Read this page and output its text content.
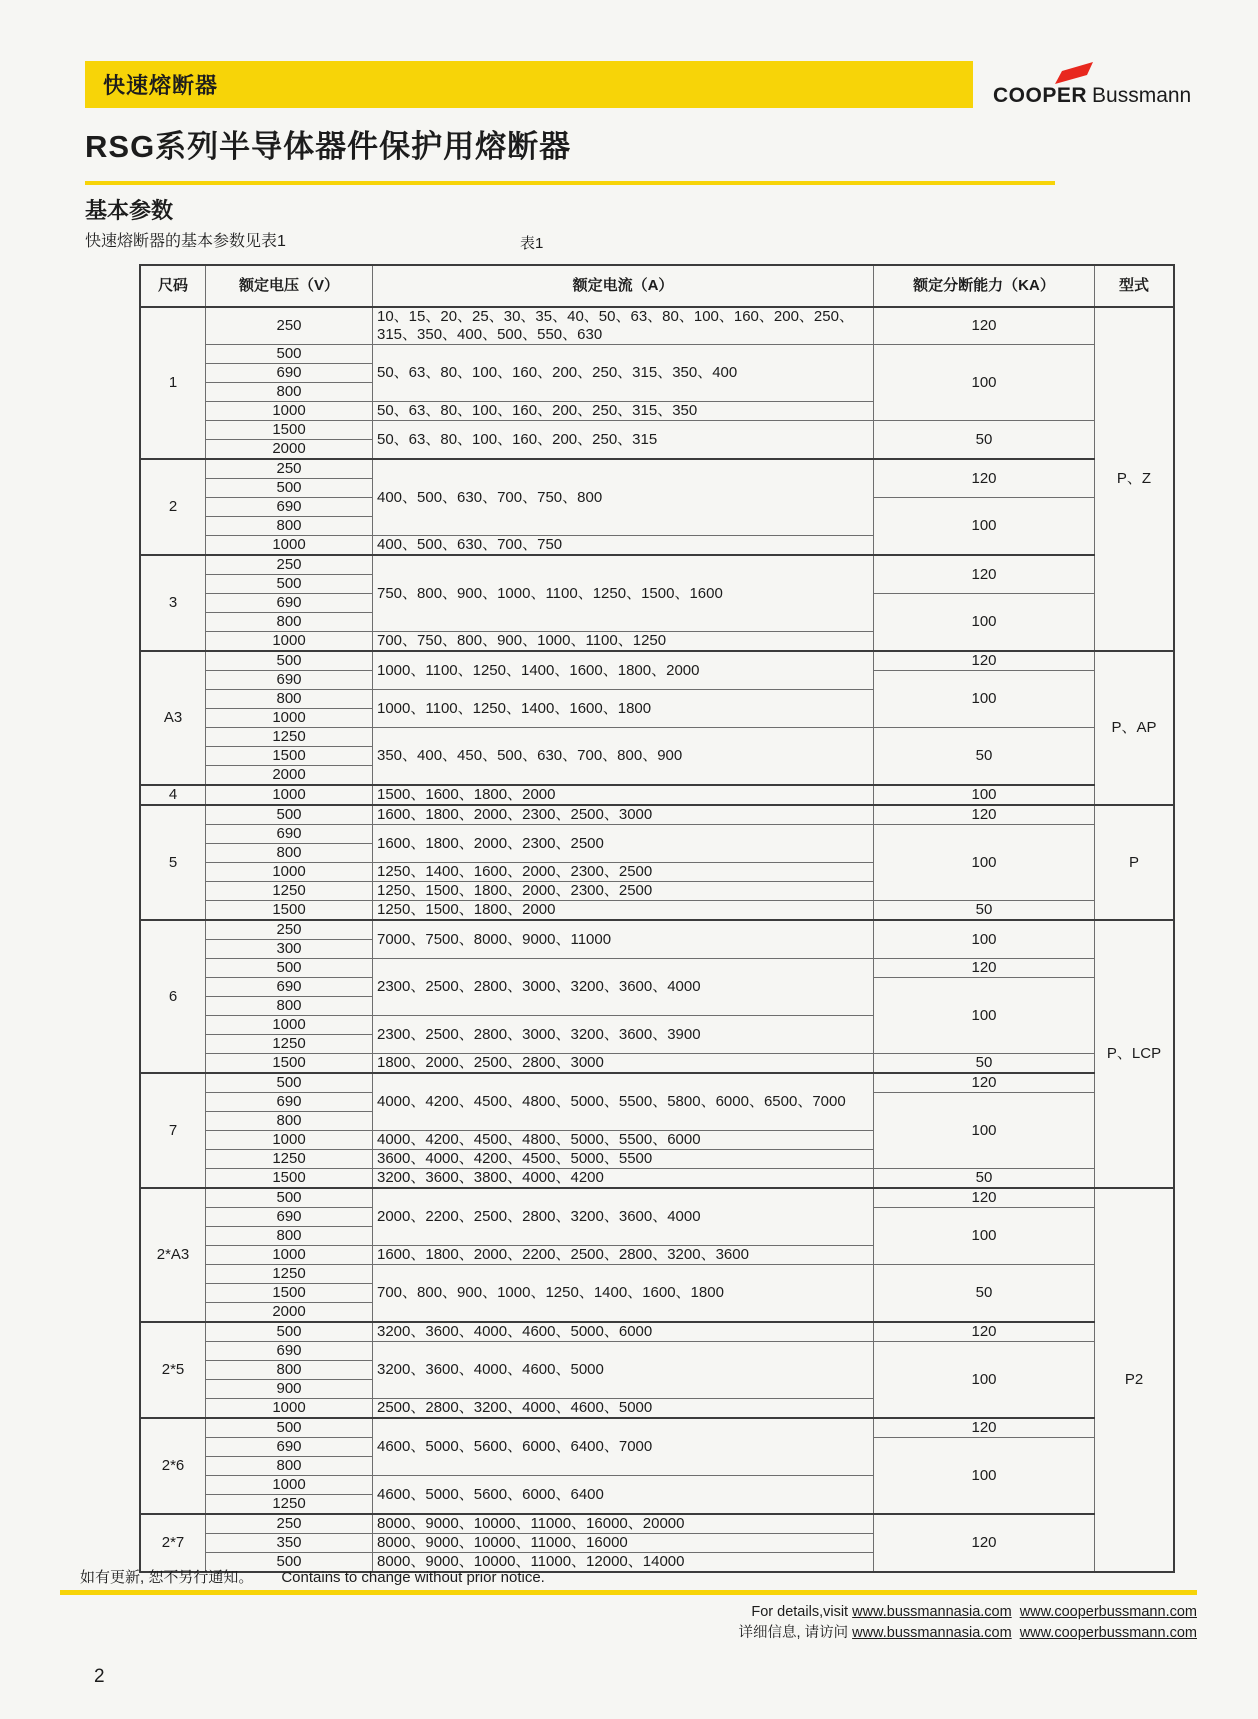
快速熔断器	COOPER Bussmann
RSG系列半导体器件保护用熔断器
基本参数
快速熔断器的基本参数见表1	表1
尺码	额定电压（V）	额定电流（A）	额定分断能力（KA）	型式
1	250	10、15、20、25、30、35、40、50、63、80、100、160、200、250、315、350、400、500、550、630	120	P、Z
	500	50、63、80、100、160、200、250、315、350、400	100	
	690			
	800			
	1000	50、63、80、100、160、200、250、315、350		
	1500	50、63、80、100、160、200、250、315	50	
	2000			
2	250	400、500、630、700、750、800	120	
	500			
	690		100	
	800			
	1000	400、500、630、700、750		
3	250	750、800、900、1000、1100、1250、1500、1600	120	
	500			
	690		100	
	800			
	1000	700、750、800、900、1000、1100、1250		
A3	500	1000、1100、1250、1400、1600、1800、2000	120	P、AP
	690		100	
	800	1000、1100、1250、1400、1600、1800		
	1000			
	1250	350、400、450、500、630、700、800、900	50	
	1500			
	2000			
4	1000	1500、1600、1800、2000	100	
5	500	1600、1800、2000、2300、2500、3000	120	P
	690	1600、1800、2000、2300、2500	100	
	800			
	1000	1250、1400、1600、2000、2300、2500		
	1250	1250、1500、1800、2000、2300、2500		
	1500	1250、1500、1800、2000	50	
6	250	7000、7500、8000、9000、11000	100	P、LCP
	300			
	500	2300、2500、2800、3000、3200、3600、4000	120	
	690		100	
	800			
	1000	2300、2500、2800、3000、3200、3600、3900		
	1250			
	1500	1800、2000、2500、2800、3000	50	
7	500	4000、4200、4500、4800、5000、5500、5800、6000、6500、7000	120	
	690		100	
	800			
	1000	4000、4200、4500、4800、5000、5500、6000		
	1250	3600、4000、4200、4500、5000、5500		
	1500	3200、3600、3800、4000、4200	50	
2*A3	500	2000、2200、2500、2800、3200、3600、4000	120	P2
	690		100	
	800			
	1000	1600、1800、2000、2200、2500、2800、3200、3600		
	1250	700、800、900、1000、1250、1400、1600、1800	50	
	1500			
	2000			
2*5	500	3200、3600、4000、4600、5000、6000	120	
	690	3200、3600、4000、4600、5000	100	
	800			
	900			
	1000	2500、2800、3200、4000、4600、5000		
2*6	500	4600、5000、5600、6000、6400、7000	120	
	690		100	
	800			
	1000	4600、5000、5600、6000、6400		
	1250			
2*7	250	8000、9000、10000、11000、16000、20000	120	
	350	8000、9000、10000、11000、16000		
	500	8000、9000、10000、11000、12000、14000		
如有更新, 恕不另行通知。 Contains to change without prior notice.
For details,visit www.bussmannasia.com www.cooperbussmann.com
详细信息, 请访问 www.bussmannasia.com www.cooperbussmann.com
2
